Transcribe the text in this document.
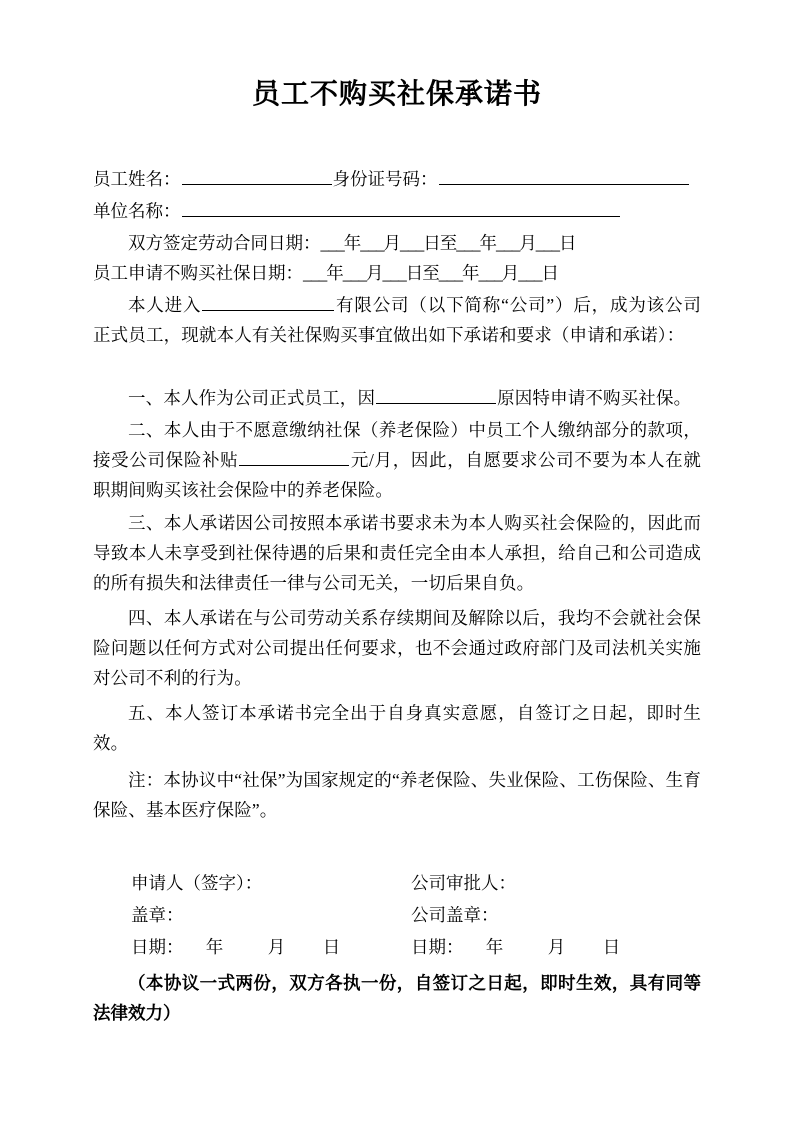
员工不购买社保承诺书
员工姓名：	身份证号码：
单位名称：
双方签定劳动合同日期：___年___月___日至___年___月___日
员工申请不购买社保日期：___年___月___日至___年___月___日
本人进入	有限公司（以下简称“公司”）后，成为该公司正式员工，现就本人有关社保购买事宜做出如下承诺和要求（申请和承诺）：
一、本人作为公司正式员工，因	原因特申请不购买社保。
二、本人由于不愿意缴纳社保（养老保险）中员工个人缴纳部分的款项，接受公司保险补贴	元/月，因此，自愿要求公司不要为本人在就职期间购买该社会保险中的养老保险。
三、本人承诺因公司按照本承诺书要求未为本人购买社会保险的，因此而导致本人未享受到社保待遇的后果和责任完全由本人承担，给自己和公司造成的所有损失和法律责任一律与公司无关，一切后果自负。
四、本人承诺在与公司劳动关系存续期间及解除以后，我均不会就社会保险问题以任何方式对公司提出任何要求，也不会通过政府部门及司法机关实施对公司不利的行为。
五、本人签订本承诺书完全出于自身真实意愿，自签订之日起，即时生效。
注：本协议中“社保”为国家规定的“养老保险、失业保险、工伤保险、生育保险、基本医疗保险”。
申请人（签字）：	公司审批人：
盖章：	公司盖章：
日期： 年	月 日	日期： 年	月 日
（本协议一式两份，双方各执一份，自签订之日起，即时生效，具有同等法律效力）
